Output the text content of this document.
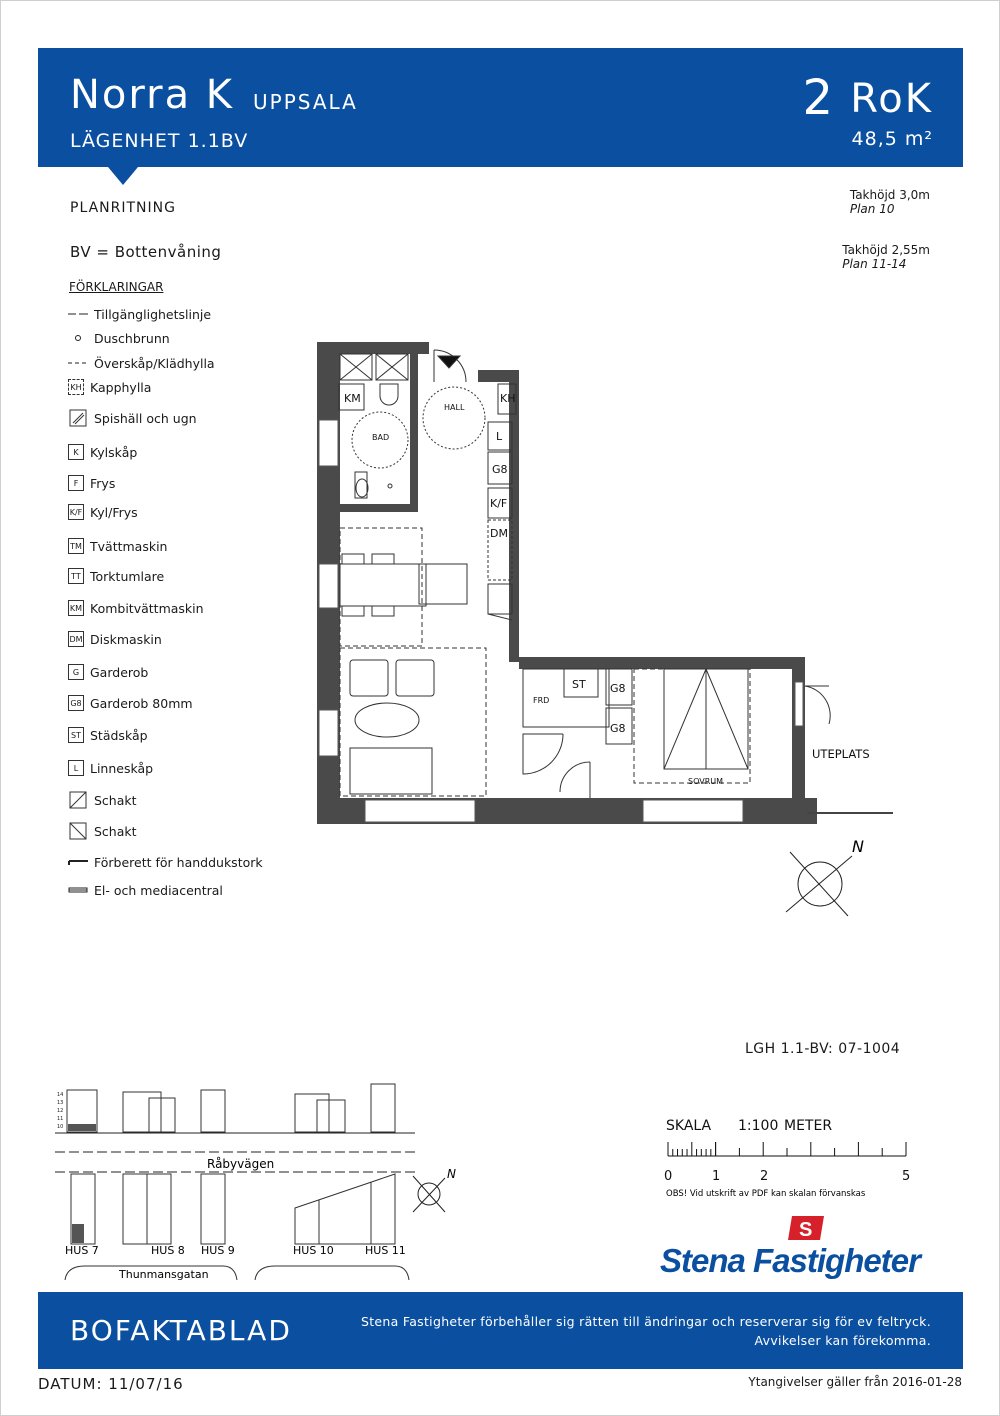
Norra K UPPSALA
LÄGENHET 1.1BV
2 RoK
48,5 m²
PLANRITNING
BV = Bottenvåning
Takhöjd 3,0m
Plan 10
Takhöjd 2,55m
Plan 11-14
FÖRKLARINGAR
Tillgänglighetslinje
Duschbrunn
Överskåp/Klädhylla
KH Kapphylla
Spishäll och ugn
K Kylskåp
F Frys
K/F Kyl/Frys
TM Tvättmaskin
TT Torktumlare
KM Kombitvättmaskin
DM Diskmaskin
G Garderob
G8 Garderob 80mm
ST Städskåp
L Linneskåp
Schakt
Schakt
Förberett för handdukstork
El- och mediacentral
KM
BAD
HALL
KH
L
G8
K/F
DM
FRD
ST G8
G8
SOVRUM
UTEPLATS
N
LGH 1.1-BV: 07-1004
14
13
12
11
10
Råbyvägen
HUS 7	HUS 8 HUS 9	HUS 10	HUS 11
Thunmansgatan
N
SKALA 1:100 METER
0	1	2	5
OBS! Vid utskrift av PDF kan skalan förvanskas
S
Stena Fastigheter
BOFAKTABLAD	Stena Fastigheter förbehåller sig rätten till ändringar och reserverar sig för ev feltryck.
Avvikelser kan förekomma.
DATUM: 11/07/16	Ytangivelser gäller från 2016-01-28
